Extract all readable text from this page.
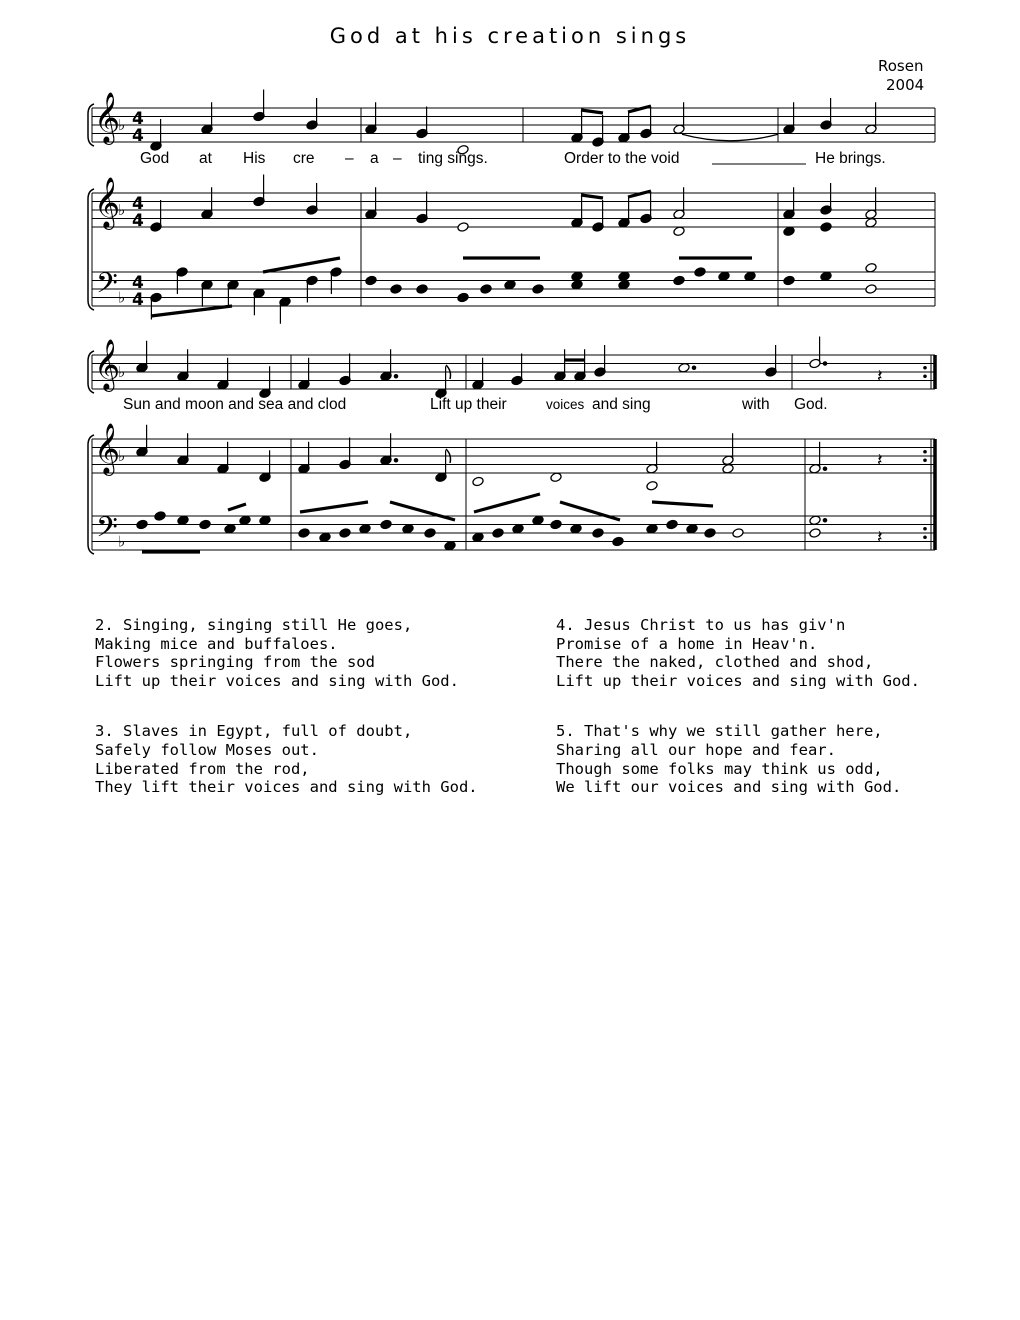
God at his creation sings
Rosen
2004
𝄞
♭ 4
4
𝄞
♭ 4
4
𝄢 ♭
4
4
𝄞
♭	𝄽
𝄞
♭
𝄢 ♭
𝄽
𝄽
God at His cre – a – ting sings.	Order to the void	He brings.
Sun and moon and sea and clod	Lift up their	voices and sing	with God.
2. Singing, singing still He goes,
Making mice and buffaloes.
Flowers springing from the sod
Lift up their voices and sing with God.
3. Slaves in Egypt, full of doubt,
Safely follow Moses out.
Liberated from the rod,
They lift their voices and sing with God.
4. Jesus Christ to us has giv'n
Promise of a home in Heav'n.
There the naked, clothed and shod,
Lift up their voices and sing with God.
5. That's why we still gather here,
Sharing all our hope and fear.
Though some folks may think us odd,
We lift our voices and sing with God.
